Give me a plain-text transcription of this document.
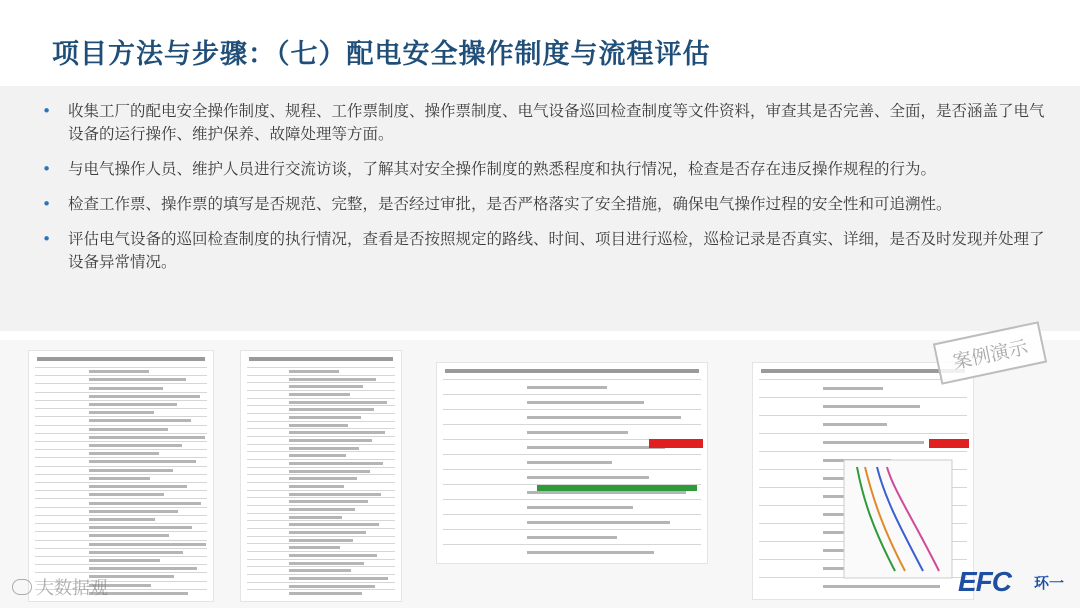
项目方法与步骤：（七）配电安全操作制度与流程评估
• 收集工厂的配电安全操作制度、规程、工作票制度、操作票制度、电气设备巡回检查制度等文件资料，审查其是否完善、全面，是否涵盖了电气设备的运行操作、维护保养、故障处理等方面。
• 与电气操作人员、维护人员进行交流访谈，了解其对安全操作制度的熟悉程度和执行情况，检查是否存在违反操作规程的行为。
• 检查工作票、操作票的填写是否规范、完整，是否经过审批，是否严格落实了安全措施，确保电气操作过程的安全性和可追溯性。
• 评估电气设备的巡回检查制度的执行情况，查看是否按照规定的路线、时间、项目进行巡检，巡检记录是否真实、详细，是否及时发现并处理了设备异常情况。
案例演示
大数据观	EFC 环一
